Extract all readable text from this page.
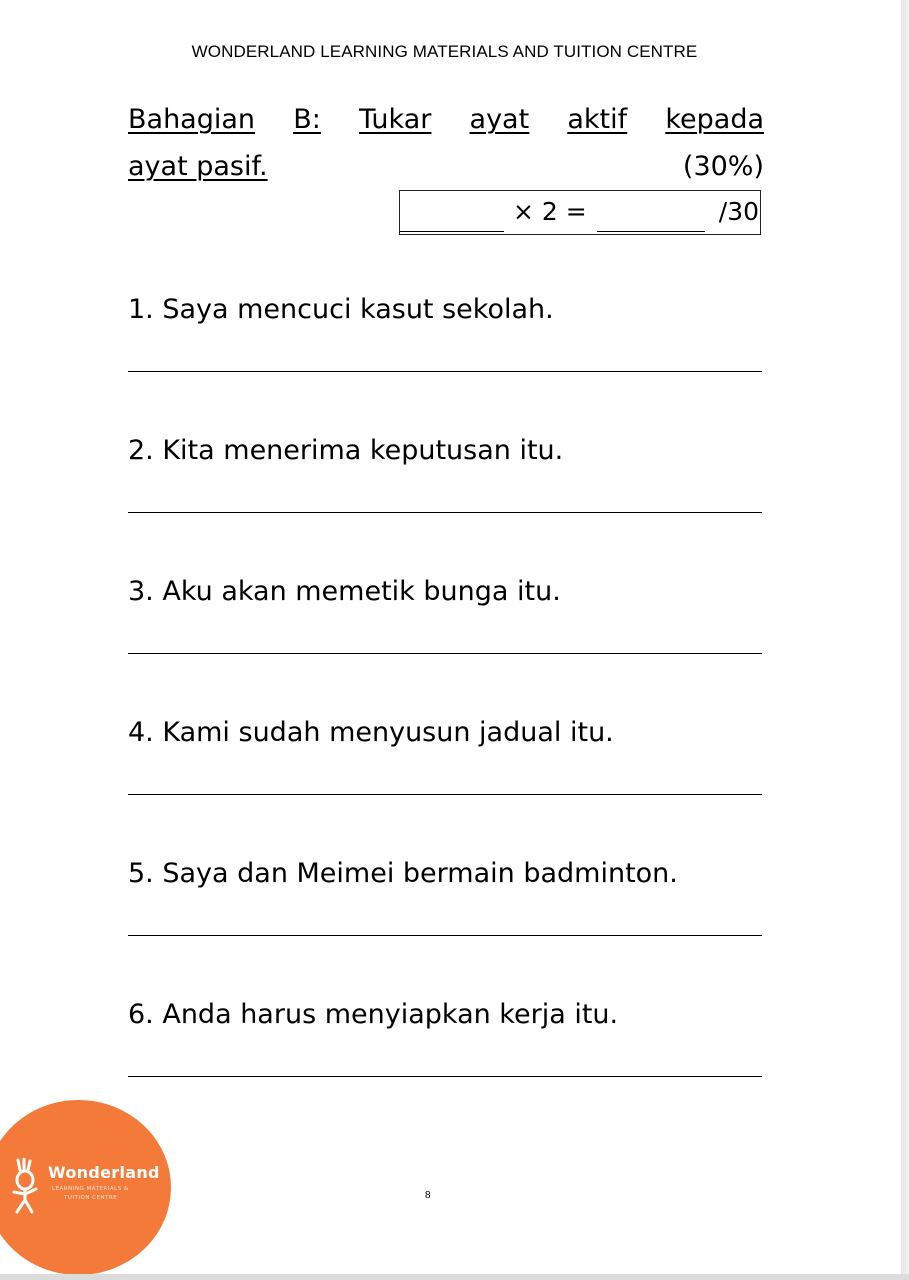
WONDERLAND LEARNING MATERIALS AND TUITION CENTRE
Bahagian B: Tukar ayat aktif kepada
ayat pasif.	(30%)
× 2 =	/30
1. Saya mencuci kasut sekolah.
2. Kita menerima keputusan itu.
3. Aku akan memetik bunga itu.
4. Kami sudah menyusun jadual itu.
5. Saya dan Meimei bermain badminton.
6. Anda harus menyiapkan kerja itu.
Wonderland
LEARNING MATERIALS &
TUITION CENTRE	8
